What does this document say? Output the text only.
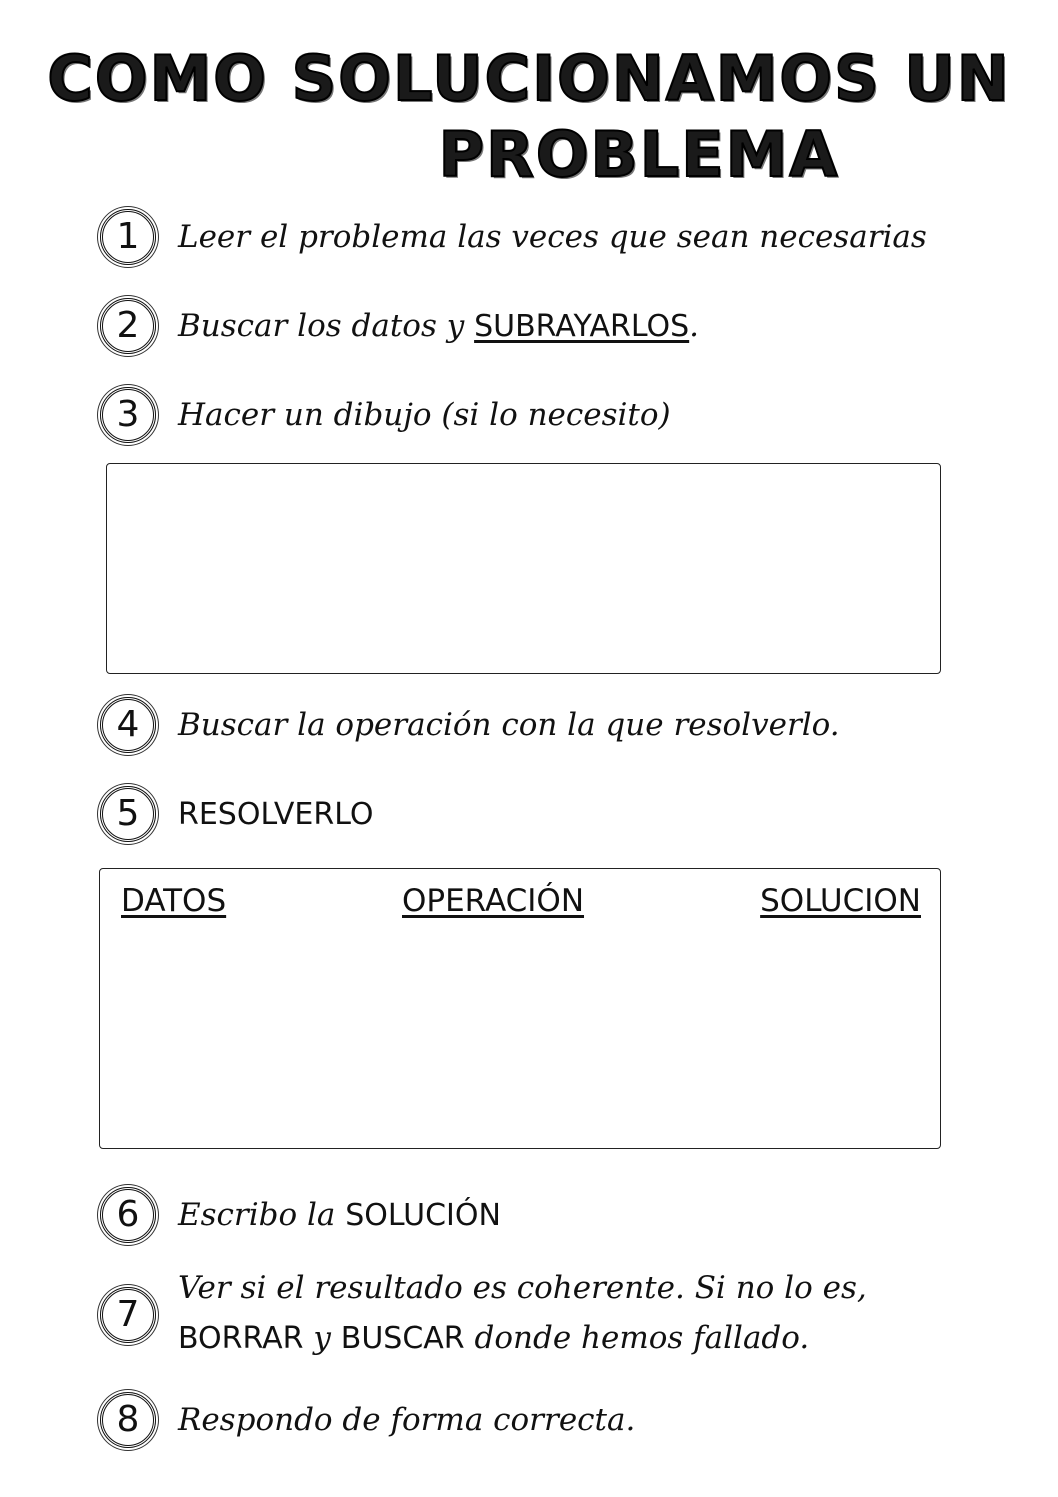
COMO SOLUCIONAMOS UN
PROBLEMA
1	Leer el problema las veces que sean necesarias
2	Buscar los datos y SUBRAYARLOS.
3	Hacer un dibujo (si lo necesito)
4	Buscar la operación con la que resolverlo.
5	RESOLVERLO
DATOS	OPERACIÓN	SOLUCION
6	Escribo la SOLUCIÓN
7
Ver si el resultado es coherente. Si no lo es,
BORRAR y BUSCAR donde hemos fallado.
8	Respondo de forma correcta.
